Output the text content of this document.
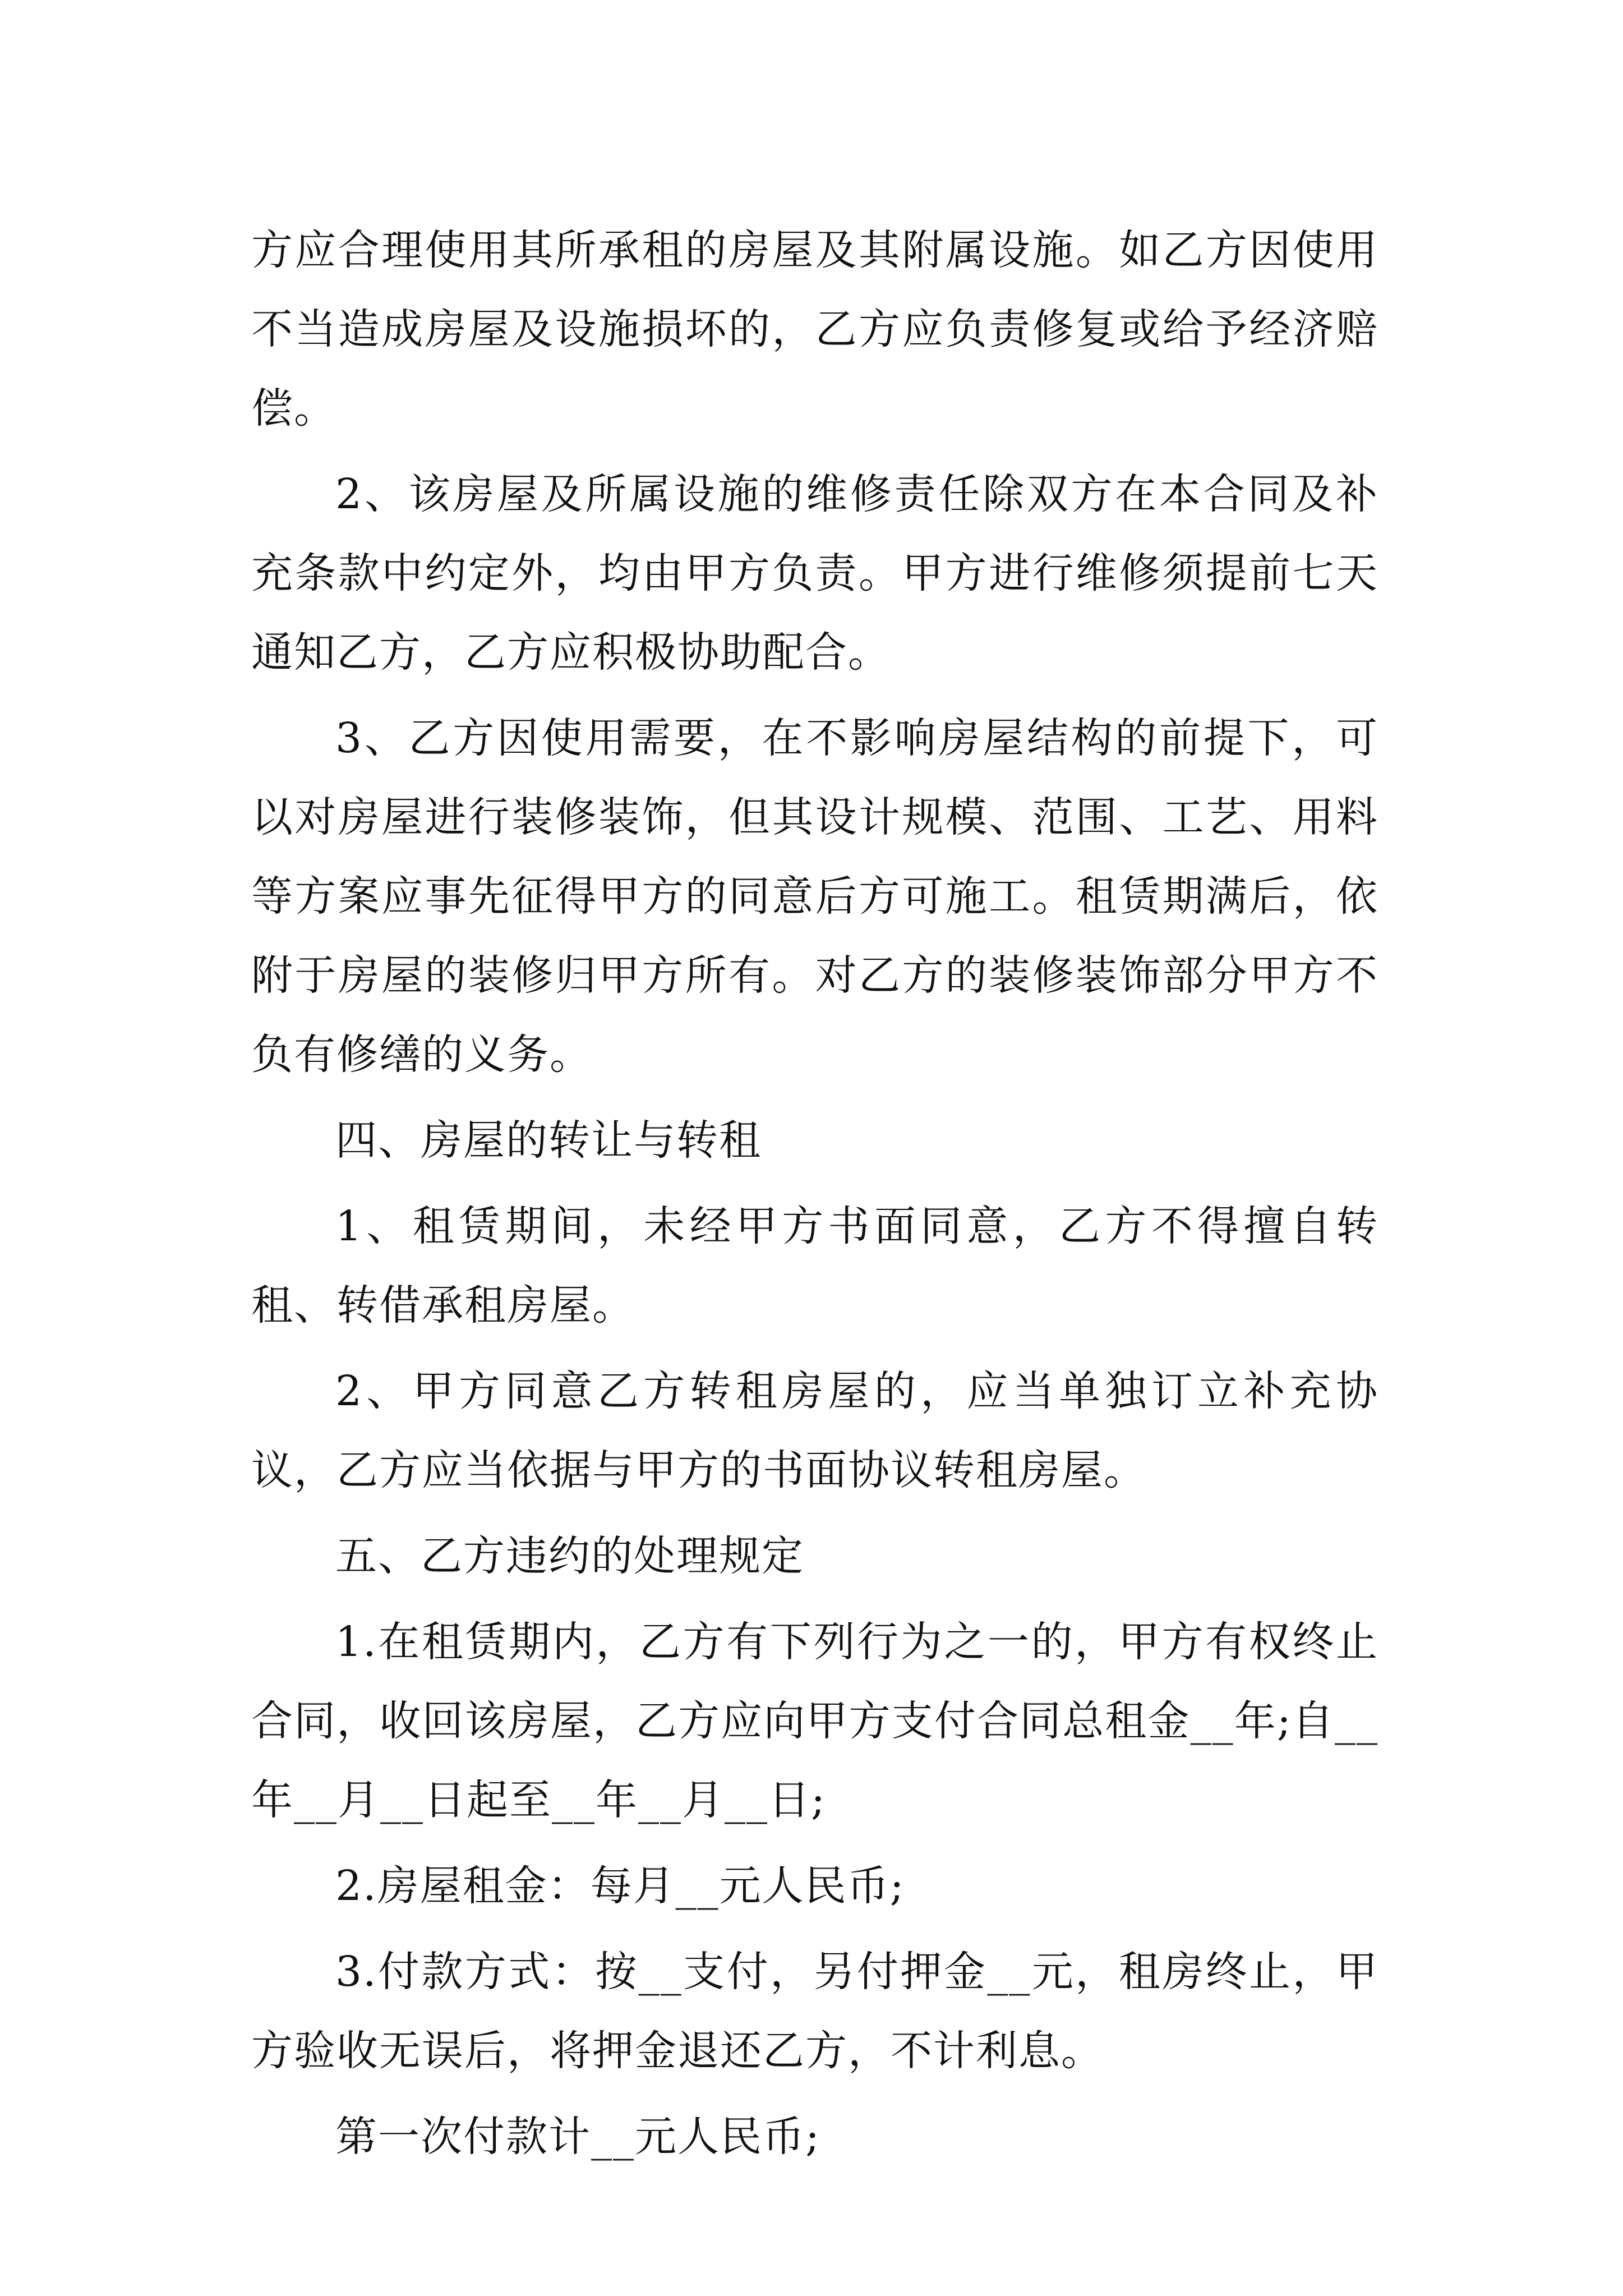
方应合理使用其所承租的房屋及其附属设施。如乙方因使用不当造成房屋及设施损坏的，乙方应负责修复或给予经济赔偿。

2、该房屋及所属设施的维修责任除双方在本合同及补充条款中约定外，均由甲方负责。甲方进行维修须提前七天通知乙方，乙方应积极协助配合。

3、乙方因使用需要，在不影响房屋结构的前提下，可以对房屋进行装修装饰，但其设计规模、范围、工艺、用料等方案应事先征得甲方的同意后方可施工。租赁期满后，依附于房屋的装修归甲方所有。对乙方的装修装饰部分甲方不负有修缮的义务。

四、房屋的转让与转租

1、租赁期间，未经甲方书面同意，乙方不得擅自转租、转借承租房屋。

2、甲方同意乙方转租房屋的，应当单独订立补充协议，乙方应当依据与甲方的书面协议转租房屋。

五、乙方违约的处理规定

1.在租赁期内，乙方有下列行为之一的，甲方有权终止合同，收回该房屋，乙方应向甲方支付合同总租金__年;自__年__月__日起至__年__月__日;

2.房屋租金：每月__元人民币;

3.付款方式：按__支付，另付押金__元，租房终止，甲方验收无误后，将押金退还乙方，不计利息。

第一次付款计__元人民币;
